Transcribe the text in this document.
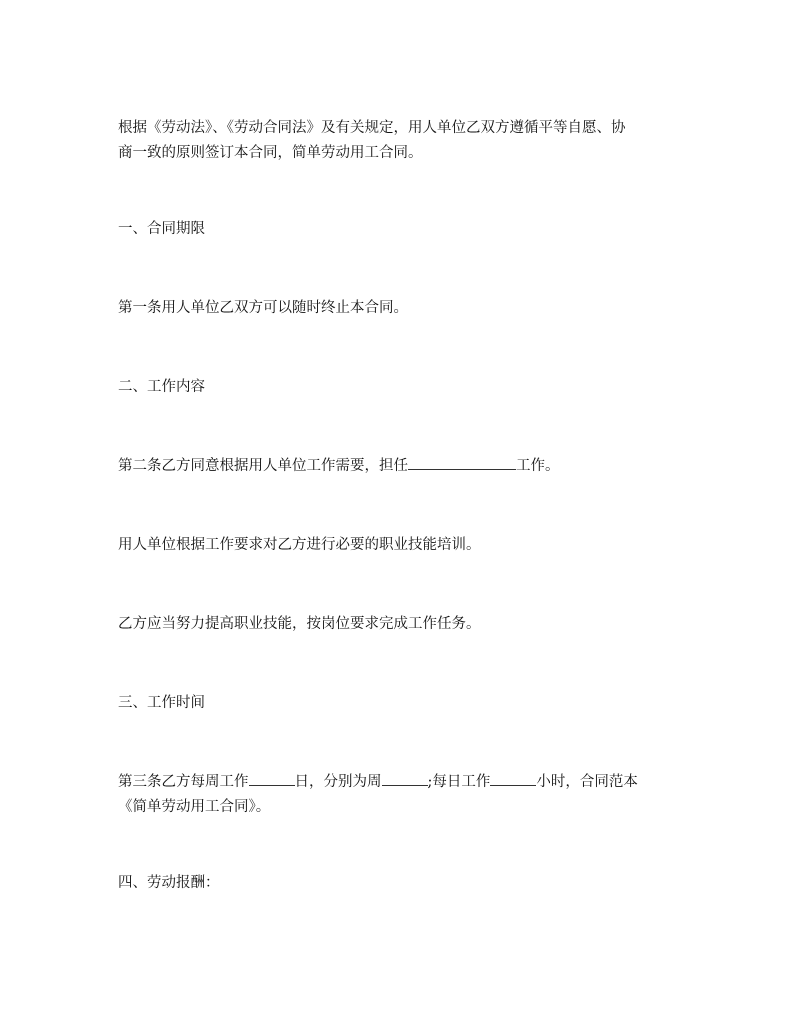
根据《劳动法》、《劳动合同法》及有关规定，用人单位乙双方遵循平等自愿、协
商一致的原则签订本合同，简单劳动用工合同。

一、合同期限

第一条用人单位乙双方可以随时终止本合同。

二、工作内容

第二条乙方同意根据用人单位工作需要，担任	工作。

用人单位根据工作要求对乙方进行必要的职业技能培训。

乙方应当努力提高职业技能，按岗位要求完成工作任务。

三、工作时间

第三条乙方每周工作	日，分别为周	;每日工作	小时，合同范本
《简单劳动用工合同》。

四、劳动报酬：
